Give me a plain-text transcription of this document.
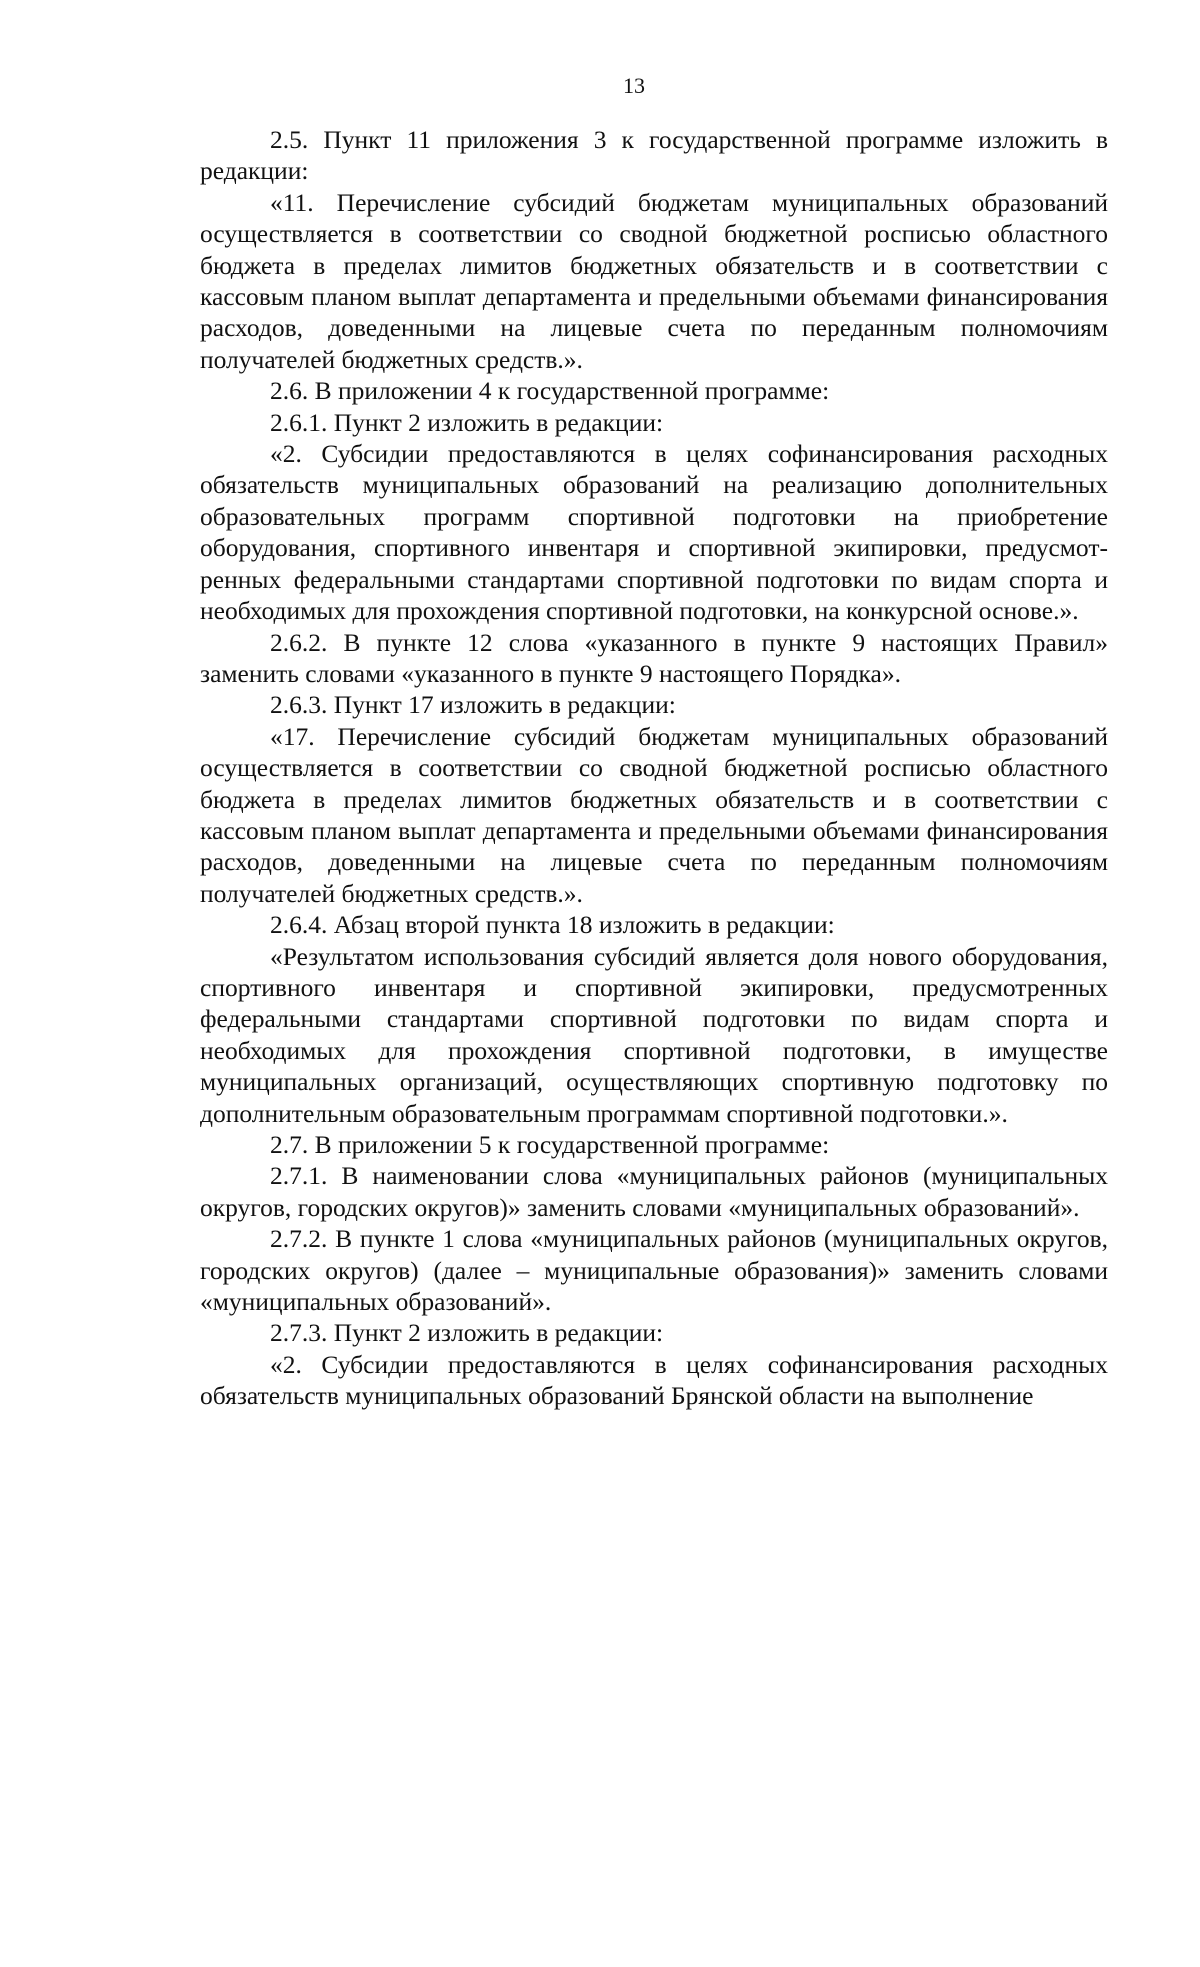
13

2.5. Пункт 11 приложения 3 к государственной программе изложить в редакции:

«11. Перечисление субсидий бюджетам муниципальных образований осуществляется в соответствии со сводной бюджетной росписью областного бюджета в пределах лимитов бюджетных обязательств и в соответствии с кассовым планом выплат департамента и предельными объемами финансирования расходов, доведенными на лицевые счета по переданным полномочиям получателей бюджетных средств.».

2.6. В приложении 4 к государственной программе:

2.6.1. Пункт 2 изложить в редакции:

«2. Субсидии предоставляются в целях софинансирования расходных обязательств муниципальных образований на реализацию дополнительных образовательных программ спортивной подготовки на приобретение оборудования, спортивного инвентаря и спортивной экипировки, предусмотренных федеральными стандартами спортивной подготовки по видам спорта и необходимых для прохождения спортивной подготовки, на конкурсной основе.».

2.6.2. В пункте 12 слова «указанного в пункте 9 настоящих Правил» заменить словами «указанного в пункте 9 настоящего Порядка».

2.6.3. Пункт 17 изложить в редакции:

«17. Перечисление субсидий бюджетам муниципальных образований осуществляется в соответствии со сводной бюджетной росписью областного бюджета в пределах лимитов бюджетных обязательств и в соответствии с кассовым планом выплат департамента и предельными объемами финансирования расходов, доведенными на лицевые счета по переданным полномочиям получателей бюджетных средств.».

2.6.4. Абзац второй пункта 18 изложить в редакции:

«Результатом использования субсидий является доля нового оборудования, спортивного инвентаря и спортивной экипировки, предусмотренных федеральными стандартами спортивной подготовки по видам спорта и необходимых для прохождения спортивной подготовки, в имуществе муниципальных организаций, осуществляющих спортивную подготовку по дополнительным образовательным программам спортивной подготовки.».

2.7. В приложении 5 к государственной программе:

2.7.1. В наименовании слова «муниципальных районов (муниципальных округов, городских округов)» заменить словами «муниципальных образований».

2.7.2. В пункте 1 слова «муниципальных районов (муниципальных округов, городских округов) (далее – муниципальные образования)» заменить словами «муниципальных образований».

2.7.3. Пункт 2 изложить в редакции:

«2. Субсидии предоставляются в целях софинансирования расходных обязательств муниципальных образований Брянской области на выполнение
